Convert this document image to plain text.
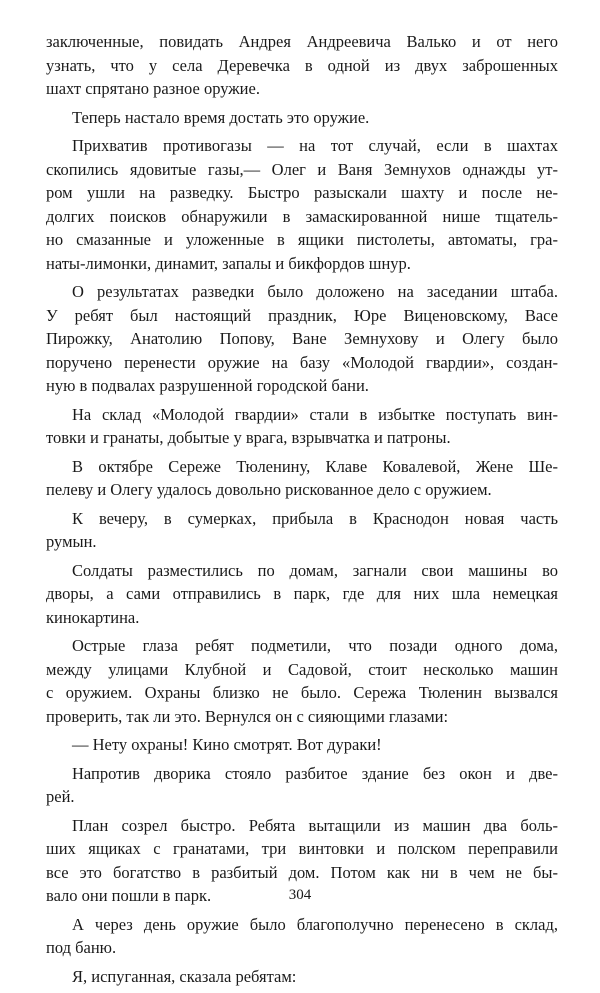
заключенные, повидать Андрея Андреевича Валько и от него
узнать, что у села Деревечка в одной из двух заброшенных
шахт спрятано разное оружие.
Теперь настало время достать это оружие.
Прихватив противогазы — на тот случай, если в шахтах
скопились ядовитые газы,— Олег и Ваня Земнухов однажды ут-
ром ушли на разведку. Быстро разыскали шахту и после не-
долгих поисков обнаружили в замаскированной нише тщатель-
но смазанные и уложенные в ящики пистолеты, автоматы, гра-
наты-лимонки, динамит, запалы и бикфордов шнур.
О результатах разведки было доложено на заседании штаба.
У ребят был настоящий праздник, Юре Виценовскому, Васе
Пирожку, Анатолию Попову, Ване Земнухову и Олегу было
поручено перенести оружие на базу «Молодой гвардии», создан-
ную в подвалах разрушенной городской бани.
На склад «Молодой гвардии» стали в избытке поступать вин-
товки и гранаты, добытые у врага, взрывчатка и патроны.
В октябре Сереже Тюленину, Клаве Ковалевой, Жене Ше-
пелеву и Олегу удалось довольно рискованное дело с оружием.
К вечеру, в сумерках, прибыла в Краснодон новая часть
румын.
Солдаты разместились по домам, загнали свои машины во
дворы, а сами отправились в парк, где для них шла немецкая
кинокартина.
Острые глаза ребят подметили, что позади одного дома,
между улицами Клубной и Садовой, стоит несколько машин
с оружием. Охраны близко не было. Сережа Тюленин вызвался
проверить, так ли это. Вернулся он с сияющими глазами:
— Нету охраны! Кино смотрят. Вот дураки!
Напротив дворика стояло разбитое здание без окон и две-
рей.
План созрел быстро. Ребята вытащили из машин два боль-
ших ящиках с гранатами, три винтовки и полском переправили
все это богатство в разбитый дом. Потом как ни в чем не бы-
вало они пошли в парк.
А через день оружие было благополучно перенесено в склад,
под баню.
Я, испуганная, сказала ребятам:
304
